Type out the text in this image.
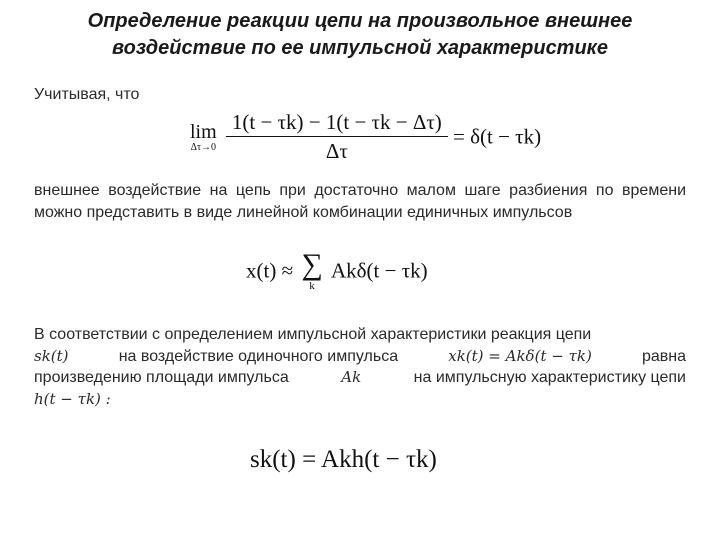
Определение реакции цепи на произвольное внешнее
воздействие по ее импульсной характеристике
Учитывая, что
lim
Δτ→0
$\frac{1(t - \tau k) - 1(t - \tau k - \Delta\tau)}{\Delta\tau} = \delta(t - \tau k)$
внешнее воздействие на цепь при достаточно малом шаге разбиения по времени можно представить в виде линейной комбинации единичных импульсов
x(t) ≈ ∑
k
Akδ(t − τk)
В соответствии с определением импульсной характеристики реакция цепи
sk(t)	на воздействие одиночного импульса	xk(t) = Akδ(t − τk)	равна
произведению площади импульса	Ak	на импульсную характеристику цепи
h(t − τk) :
sk(t) = Akh(t − τk)
